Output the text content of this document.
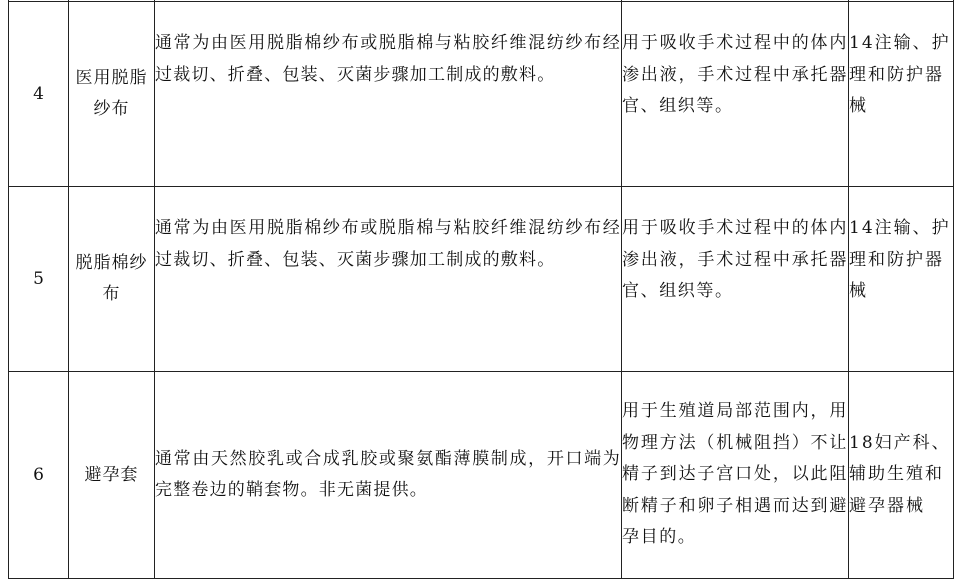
4	医用脱脂纱布	通常为由医用脱脂棉纱布或脱脂棉与粘胶纤维混纺纱布经过裁切、折叠、包装、灭菌步骤加工制成的敷料。	用于吸收手术过程中的体内渗出液，手术过程中承托器官、组织等。	14注输、护理和防护器械
5	脱脂棉纱布	通常为由医用脱脂棉纱布或脱脂棉与粘胶纤维混纺纱布经过裁切、折叠、包装、灭菌步骤加工制成的敷料。	用于吸收手术过程中的体内渗出液，手术过程中承托器官、组织等。	14注输、护理和防护器械
6	避孕套	通常由天然胶乳或合成乳胶或聚氨酯薄膜制成，开口端为完整卷边的鞘套物。非无菌提供。	用于生殖道局部范围内，用物理方法（机械阻挡）不让精子到达子宫口处，以此阻断精子和卵子相遇而达到避孕目的。	18妇产科、辅助生殖和避孕器械
